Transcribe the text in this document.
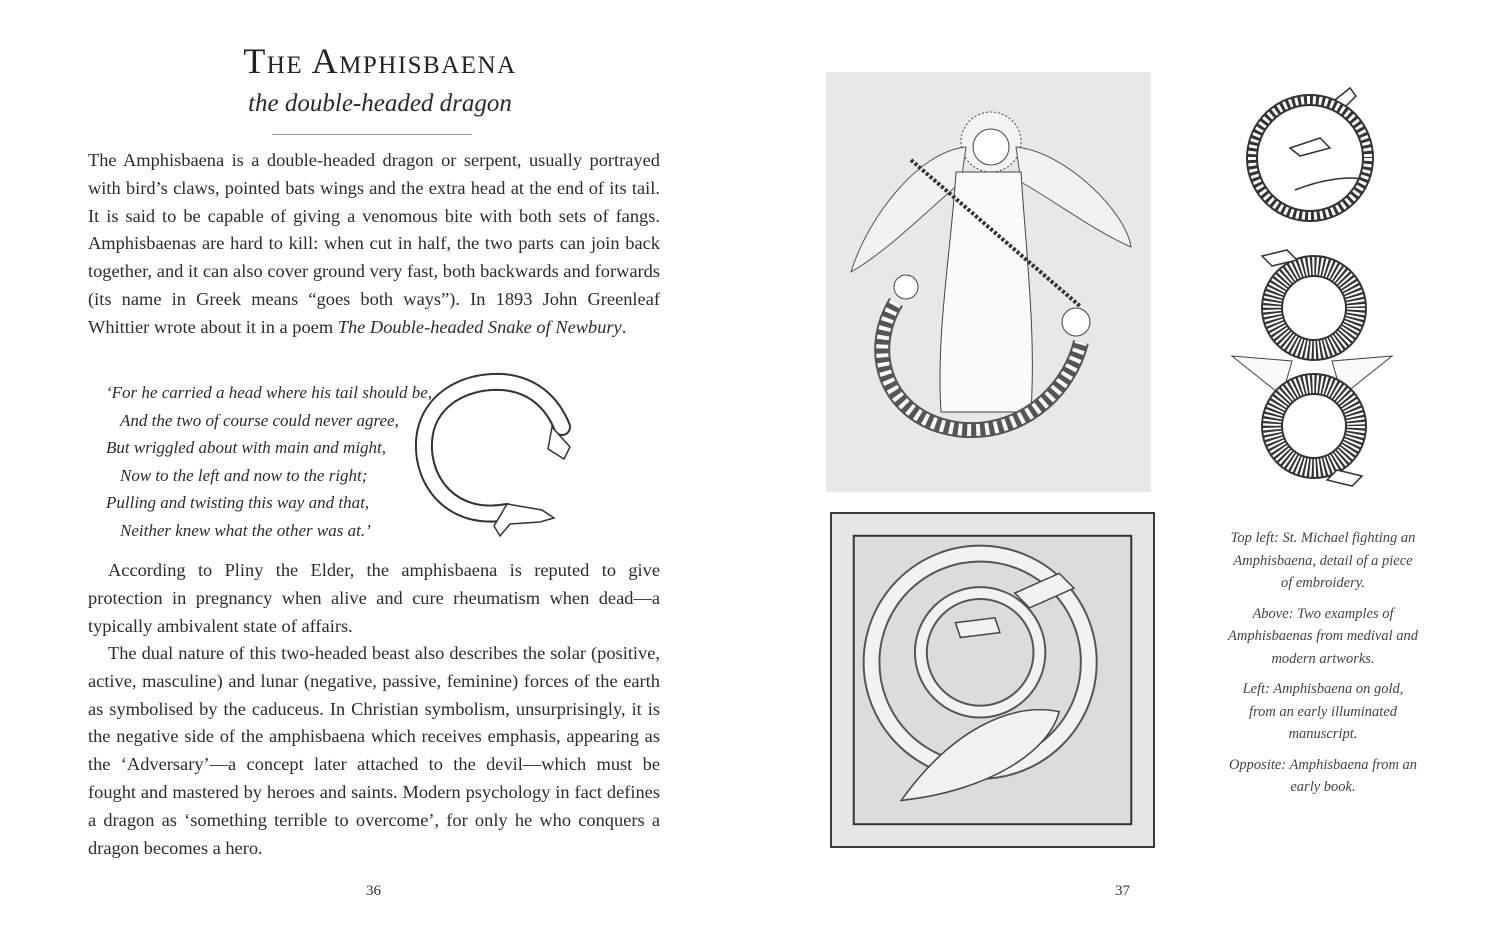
The Amphisbaena
the double-headed dragon

The Amphisbaena is a double-headed dragon or serpent, usually portrayed with bird’s claws, pointed bats wings and the extra head at the end of its tail. It is said to be capable of giving a venomous bite with both sets of fangs. Amphisbaenas are hard to kill: when cut in half, the two parts can join back together, and it can also cover ground very fast, both backwards and forwards (its name in Greek means “goes both ways”). In 1893 John Greenleaf Whittier wrote about it in a poem The Double-headed Snake of Newbury.

‘For he carried a head where his tail should be,
And the two of course could never agree,
But wriggled about with main and might,
Now to the left and now to the right;
Pulling and twisting this way and that,
Neither knew what the other was at.’

According to Pliny the Elder, the amphisbaena is reputed to give protection in pregnancy when alive and cure rheumatism when dead—a typically ambivalent state of affairs.

The dual nature of this two-headed beast also describes the solar (positive, active, masculine) and lunar (negative, passive, feminine) forces of the earth as symbolised by the caduceus. In Christian symbolism, unsurprisingly, it is the negative side of the amphisbaena which receives emphasis, appearing as the ‘Adversary’—a concept later attached to the devil—which must be fought and mastered by heroes and saints. Modern psychology in fact defines a dragon as ‘something terrible to overcome’, for only he who conquers a dragon becomes a hero.

36

Top left: St. Michael fighting an Amphisbaena, detail of a piece of embroidery.

Above: Two examples of Amphisbaenas from medival and modern artworks.

Left: Amphisbaena on gold, from an early illuminated manuscript.

Opposite: Amphisbaena from an early book.

37
